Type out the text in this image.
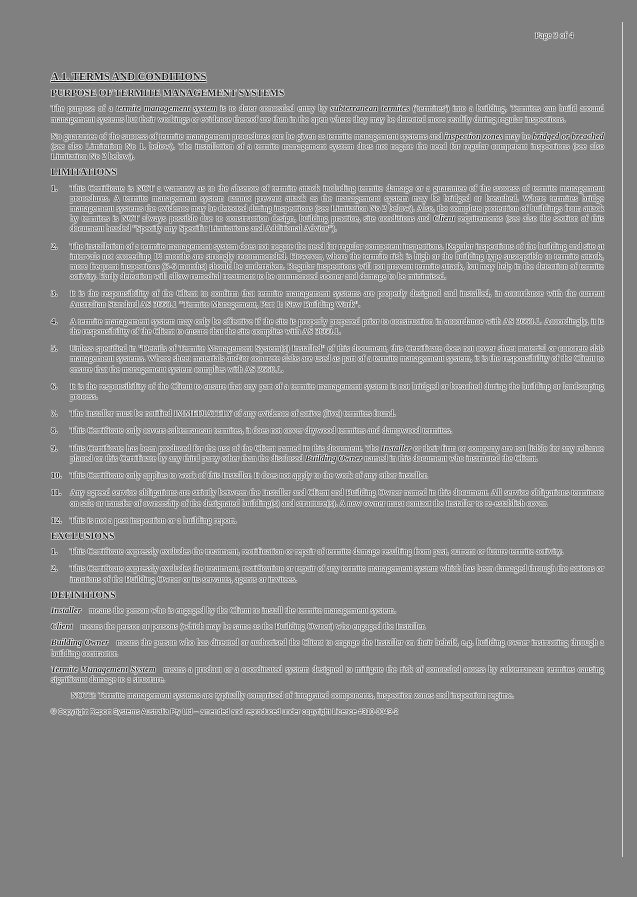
Page 3 of 4
A.1. TERMS AND CONDITIONS
PURPOSE OF TERMITE MANAGEMENT SYSTEMS

The purpose of a termite management system is to deter concealed entry by subterranean termites ('termites') into a building. Termites can build around management systems but their workings or evidence thereof are then in the open where they may be detected more readily during regular inspections.

No guarantee of the success of termite management procedures can be given as termite management systems and inspection zones may be bridged or breached (see also Limitation No 1. below). The installation of a termite management system does not negate the need for regular competent inspections (see also Limitation No 2 below).

LIMITATIONS
1.	This Certificate is NOT a warranty as to the absence of termite attack including termite damage or a guarantee of the success of termite management procedures. A termite management system cannot prevent attack as the management system may be bridged or breached. Where termites bridge management systems the evidence may be detected during inspections (see Limitation No 2 below). Also, the complete protection of buildings from attack by termites is NOT always possible due to construction design, building practice, site conditions and Client requirements (see also the section of this document headed "Specify any Specific Limitations and Additional Advice").
2.	The installation of a termite management system does not negate the need for regular competent inspections. Regular inspections of the building and site at intervals not exceeding 12 months are strongly recommended. However, where the termite risk is high or the building type susceptible to termite attack, more frequent inspections (3-6 months) should be undertaken. Regular inspections will not prevent termite attack, but may help in the detection of termite activity. Early detection will allow remedial treatment to be commenced sooner and damage to be minimised.
3.	It is the responsibility of the Client to confirm that termite management systems are properly designed and installed, in accordance with the current Australian Standard AS 3660.1 "Termite Management, Part 1: New Building Work".
4.	A termite management system may only be effective if the site is properly prepared prior to construction in accordance with AS 3660.1. Accordingly, it is the responsibility of the Client to ensure that the site complies with AS 3660.1.
5.	Unless specified in "Details of Termite Management System(s) Installed" of this document, this Certificate does not cover sheet material or concrete slab management systems. Where sheet materials and/or concrete slabs are used as part of a termite management system, it is the responsibility of the Client to ensure that the management system complies with AS 3660.1.
6.	It is the responsibility of the Client to ensure that any part of a termite management system is not bridged or breached during the building or landscaping process.
7.	The Installer must be notified IMMEDIATELY of any evidence of active (live) termites found.
8.	This Certificate only covers subterranean termites, it does not cover drywood termites and dampwood termites.
9.	This Certificate has been produced for the use of the Client named in this document. The Installer or their firm or company are not liable for any reliance placed on this Certificate by any third party other than the disclosed Building Owner named in this document who instructed the Client.
10. This Certificate only applies to work of this Installer. It does not apply to the work of any other installer.
11.	Any agreed service obligations are strictly between the Installer and Client and Building Owner named in this document. All service obligations terminate on sale or transfer of ownership of the designated building(s) and structure(s). A new owner must contact the Installer to re-establish cover.
12. This is not a pest inspection or a building report.
EXCLUSIONS
1.	This Certificate expressly excludes the treatment, rectification or repair of termite damage resulting from past, current or future termite activity.
2.	This Certificate expressly excludes the treatment, rectification or repair of any termite management system which has been damaged through the actions or inactions of the Building Owner or its servants, agents or invitees.
DEFINITIONS
Installer means the person who is engaged by the Client to install the termite management system.
Client means the person or persons (which may be same as the Building Owner) who engaged the Installer.
Building Owner means the person who has directed or authorised the Client to engage the Installer on their behalf, e.g. building owner instructing through a building contractor.
Termite Management System means a product or a coordinated system designed to mitigate the risk of concealed access by subterranean termites causing significant damage to a structure.
NOTE: Termite management systems are typically comprised of integrated components, inspection zones and inspection regime.
© Copyright Report Systems Australia Pty Ltd – amended and reproduced under copyright Licence #310-0049-2
